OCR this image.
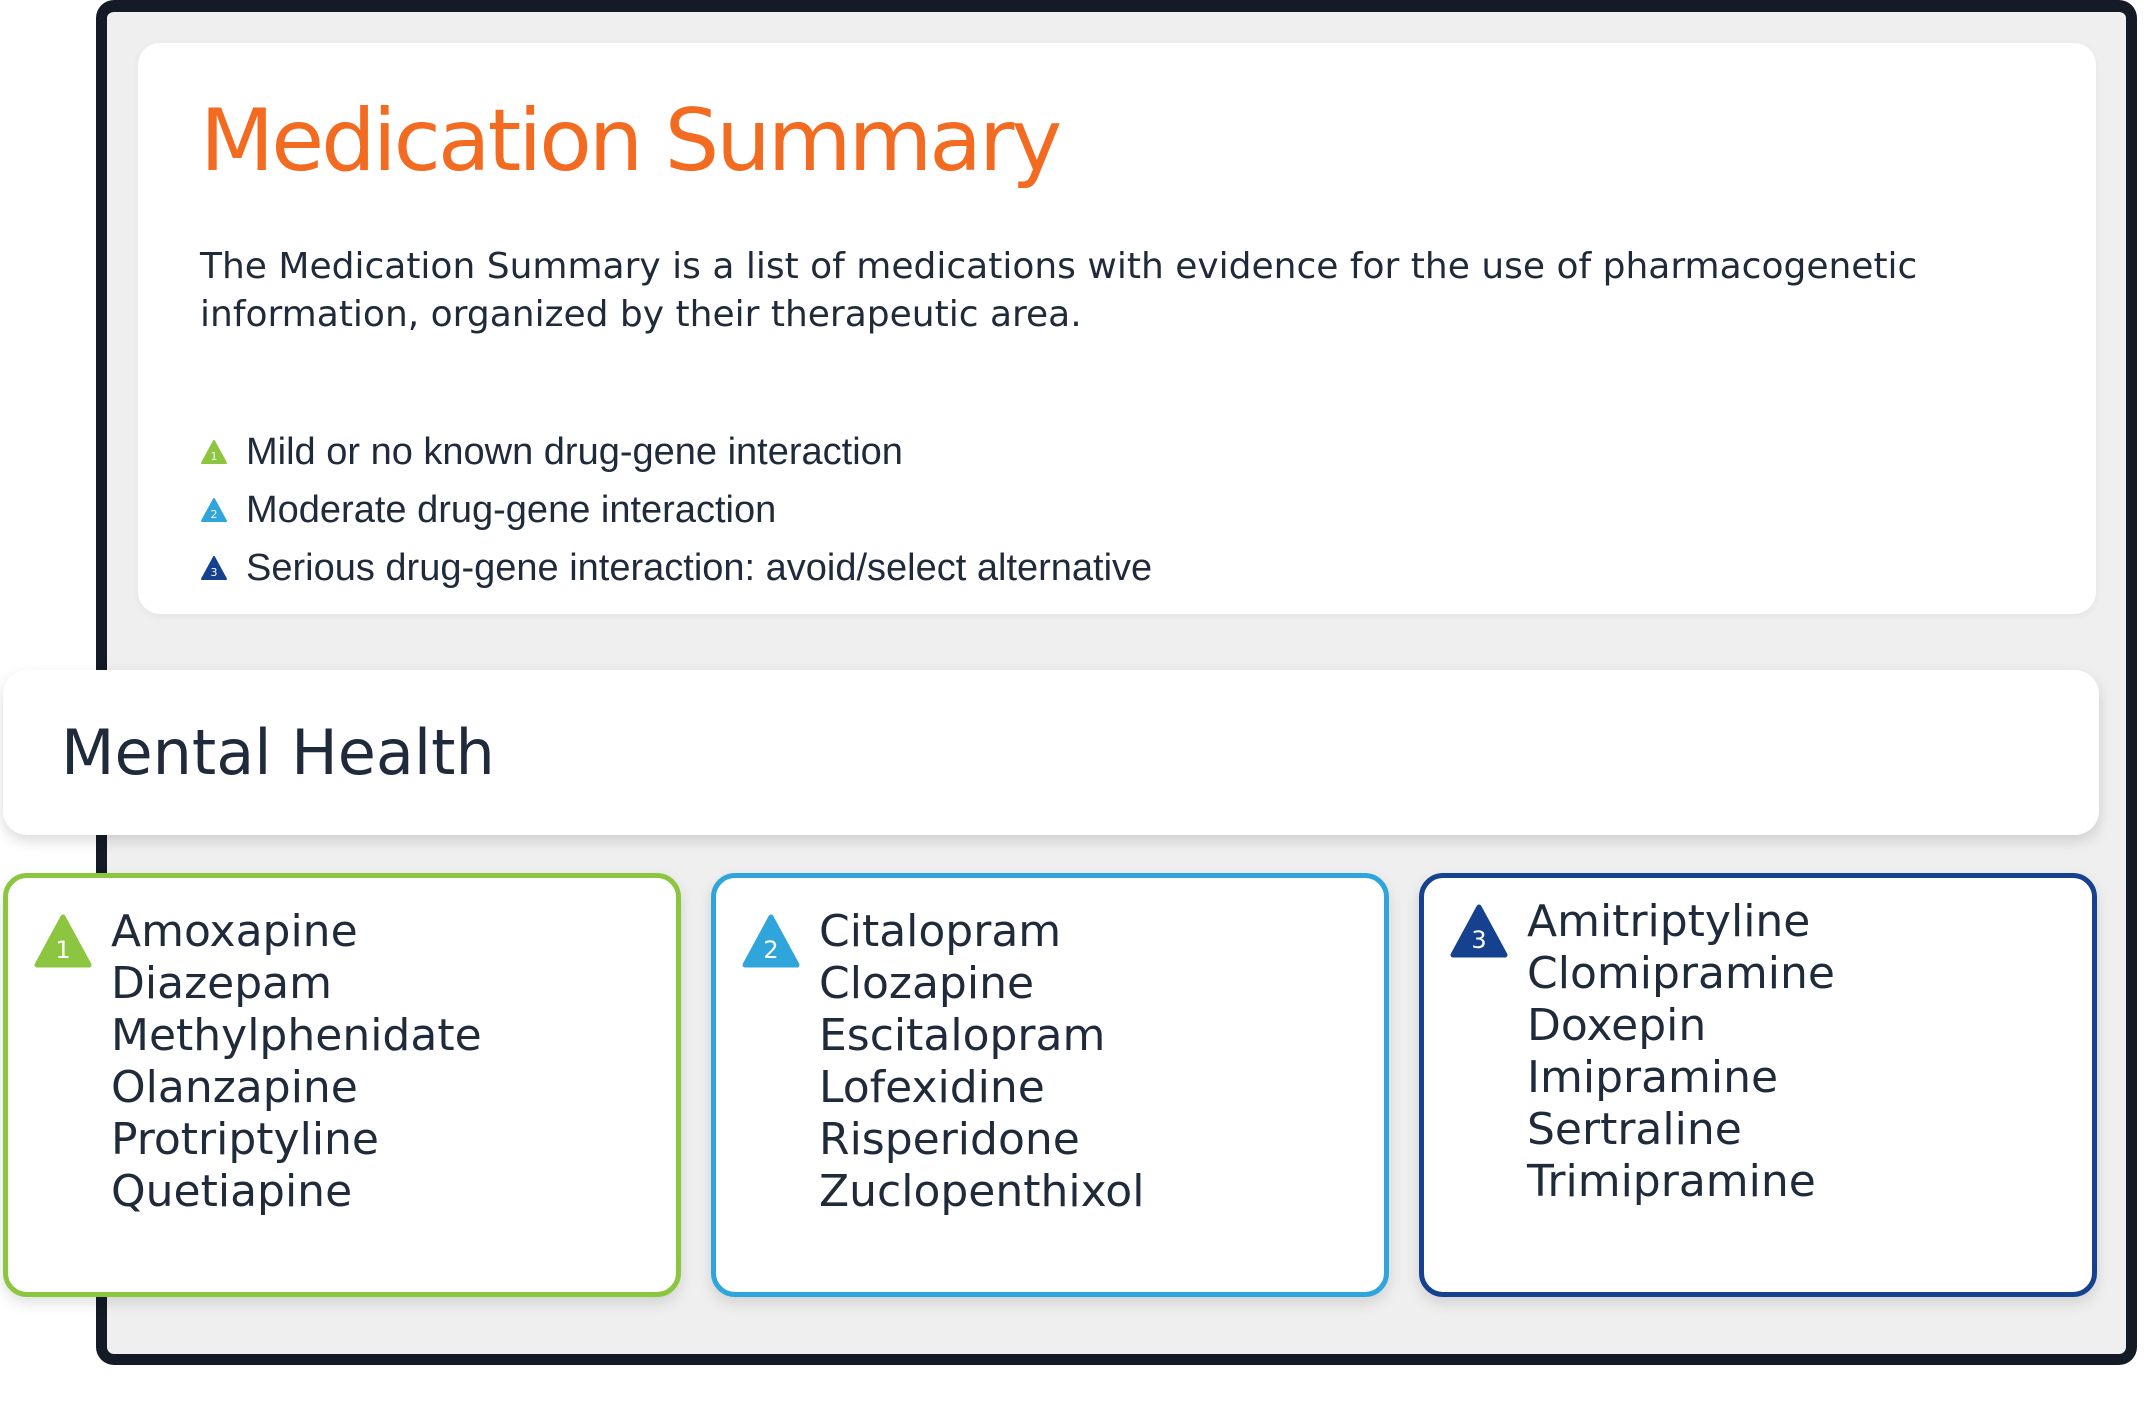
Medication Summary

The Medication Summary is a list of medications with evidence for the use of pharmacogenetic information, organized by their therapeutic area.

1 Mild or no known drug-gene interaction
2 Moderate drug-gene interaction
3 Serious drug-gene interaction: avoid/select alternative
Mental Health
1 Amoxapine
Diazepam
Methylphenidate
Olanzapine
Protriptyline
Quetiapine
2 Citalopram
Clozapine
Escitalopram
Lofexidine
Risperidone
Zuclopenthixol
3 Amitriptyline
Clomipramine
Doxepin
Imipramine
Sertraline
Trimipramine
